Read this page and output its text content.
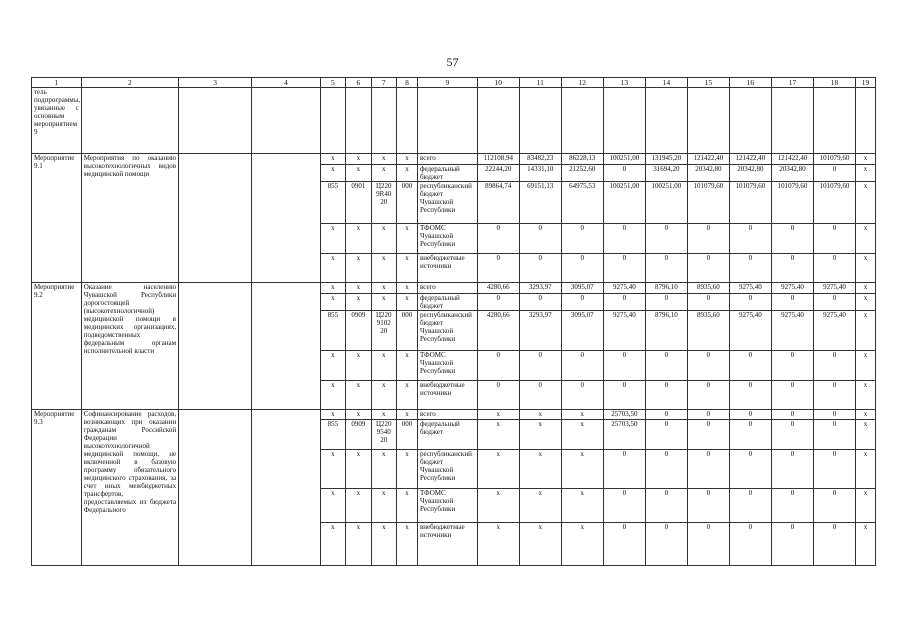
57
1	2	3	4	5	6	7	8	9	10	11	12	13	14	15	16	17	18	19
тель подпрограммы, увязанные с основным мероприятием 9																		
Мероприятие 9.1	Мероприятия по оказанию высокотехнологичных видов медицинской помощи			x	x	x	x	всего	112108,94	83482,23	86228,13	100251,00	131945,20	121422,40	121422,40	121422,40	101079,60	x
				x	x	x	x	федеральный бюджет	22244,20	14331,10	21252,60	0	31694,20	20342,80	20342,80	20342,80	0	x
				855	0901	Ц220 9R40 20	000	республиканский бюджет Чувашской Республики	89864,74	69151,13	64975,53	100251,00	100251,00	101079,60	101079,60	101079,60	101079,60	x
				x	x	x	x	ТФОМС Чувашской Республики	0	0	0	0	0	0	0	0	0	x
				x	x	x	x	внебюджетные источники	0	0	0	0	0	0	0	0	0	x
Мероприятие 9.2	Оказание населению Чувашской Республики дорогостоящей (высокотехнологичной) медицинской помощи в медицинских организациях, подведомственных федеральным органам исполнительной власти			x	x	x	x	всего	4280,66	3293,97	3095,07	9275,40	8796,10	8935,60	9275,40	9275,40	9275,40	x
				x	x	x	x	федеральный бюджет	0	0	0	0	0	0	0	0	0	x
				855	0909	Ц220 9102 20	000	республиканский бюджет Чувашской Республики	4280,66	3293,97	3095,07	9275,40	8796,10	8935,60	9275,40	9275,40	9275,40	x
				x	x	x	x	ТФОМС Чувашской Республики	0	0	0	0	0	0	0	0	0	x
				x	x	x	x	внебюджетные источники	0	0	0	0	0	0	0	0	0	x
Мероприятие 9.3	Софинансирование расходов, возникающих при оказании гражданам Российской Федерации высокотехнологичной медицинской помощи, не включенной в базовую программу обязательного медицинского страхования, за счет иных межбюджетных трансфертов, предоставляемых из бюджета Федерального			x	x	x	x	всего	x	x	x	25703,50	0	0	0	0	0	x
				855	0909	Ц220 9540 20	000	федеральный бюджет	x	x	x	25703,50	0	0	0	0	0	x
				x	x	x	x	республиканский бюджет Чувашской Республики	x	x	x	0	0	0	0	0	0	x
				x	x	x	x	ТФОМС Чувашской Республики	x	x	x	0	0	0	0	0	0	x
				x	x	x	x	внебюджетные источники	x	x	x	0	0	0	0	0	0	x
